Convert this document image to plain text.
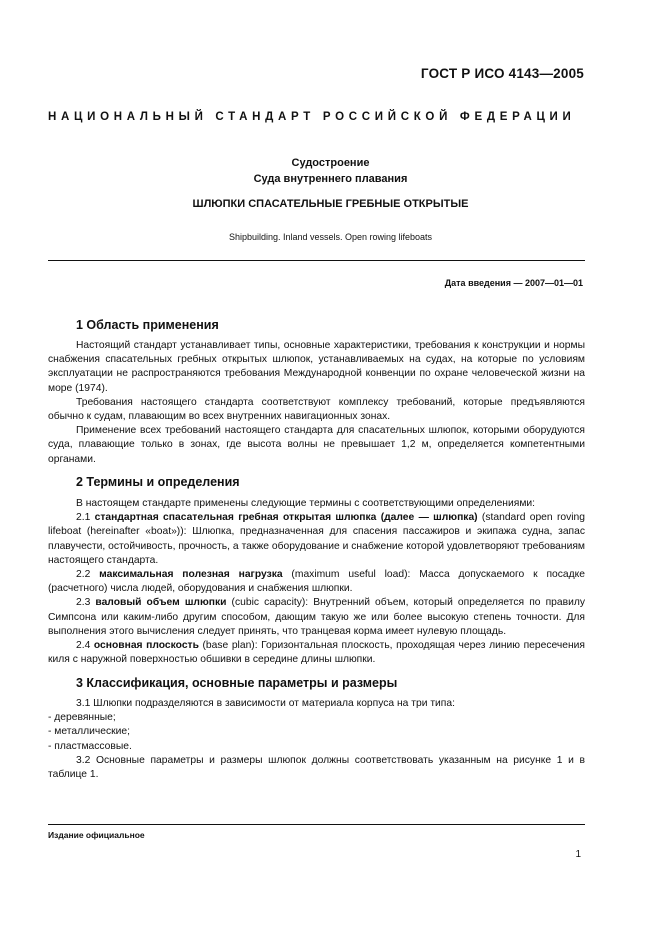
ГОСТ Р ИСО 4143—2005
НАЦИОНАЛЬНЫЙ СТАНДАРТ РОССИЙСКОЙ ФЕДЕРАЦИИ
Судостроение
Суда внутреннего плавания
ШЛЮПКИ СПАСАТЕЛЬНЫЕ ГРЕБНЫЕ ОТКРЫТЫЕ
Shipbuilding. Inland vessels. Open rowing lifeboats
Дата введения — 2007—01—01
1 Область применения

Настоящий стандарт устанавливает типы, основные характеристики, требования к конструкции и нормы снабжения спасательных гребных открытых шлюпок, устанавливаемых на судах, на которые по условиям эксплуатации не распространяются требования Международной конвенции по охране человеческой жизни на море (1974).

Требования настоящего стандарта соответствуют комплексу требований, которые предъявляются обычно к судам, плавающим во всех внутренних навигационных зонах.

Применение всех требований настоящего стандарта для спасательных шлюпок, которыми оборудуются суда, плавающие только в зонах, где высота волны не превышает 1,2 м, определяется компетентными органами.

2 Термины и определения

В настоящем стандарте применены следующие термины с соответствующими определениями:

2.1 стандартная спасательная гребная открытая шлюпка (далее — шлюпка) (standard open roving lifeboat (hereinafter «boat»)): Шлюпка, предназначенная для спасения пассажиров и экипажа судна, запас плавучести, остойчивость, прочность, а также оборудование и снабжение которой удовлетворяют требованиям настоящего стандарта.

2.2 максимальная полезная нагрузка (maximum useful load): Масса допускаемого к посадке (расчетного) числа людей, оборудования и снабжения шлюпки.

2.3 валовый объем шлюпки (cubic capacity): Внутренний объем, который определяется по правилу Симпсона или каким-либо другим способом, дающим такую же или более высокую степень точности. Для выполнения этого вычисления следует принять, что транцевая корма имеет нулевую площадь.

2.4 основная плоскость (base plan): Горизонтальная плоскость, проходящая через линию пересечения киля с наружной поверхностью обшивки в середине длины шлюпки.

3 Классификация, основные параметры и размеры

3.1 Шлюпки подразделяются в зависимости от материала корпуса на три типа:

- деревянные;

- металлические;

- пластмассовые.

3.2 Основные параметры и размеры шлюпок должны соответствовать указанным на рисунке 1 и в таблице 1.

Издание официальное
1
